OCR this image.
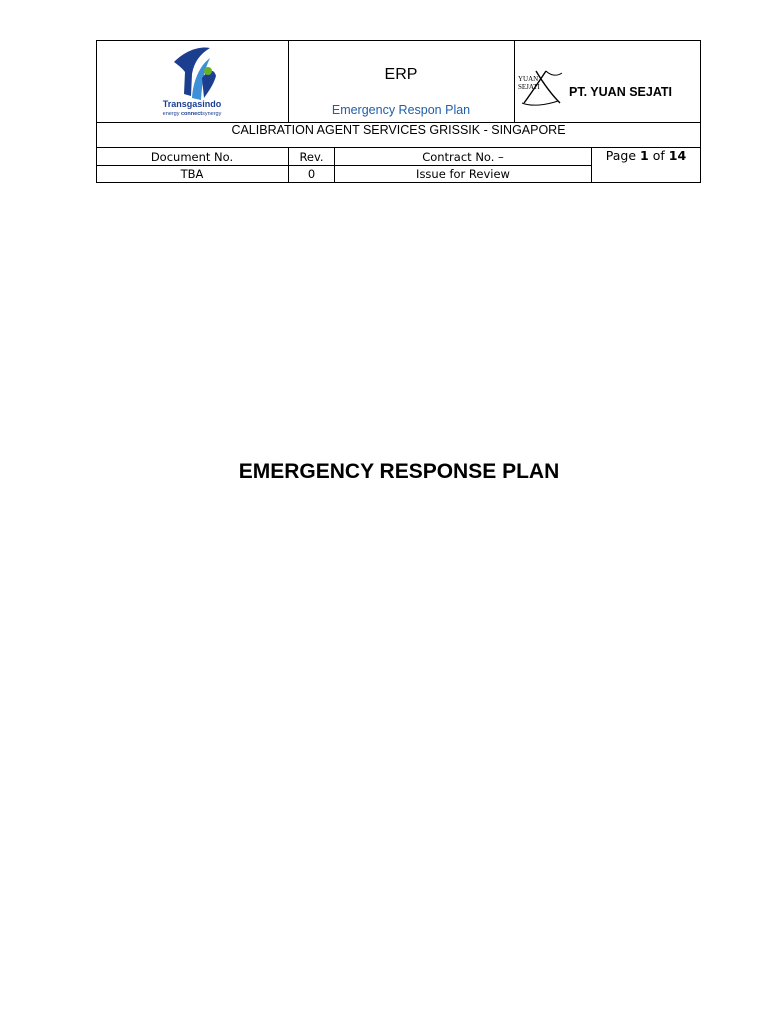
Transgasindo
energy connectsynergy
ERP
Emergency Respon Plan
YUAN
SEJATI PT. YUAN SEJATI
CALIBRATION AGENT SERVICES GRISSIK - SINGAPORE
Document No.	Rev.	Contract No. –
TBA	0	Issue for Review
Page 1 of 14
EMERGENCY RESPONSE PLAN
